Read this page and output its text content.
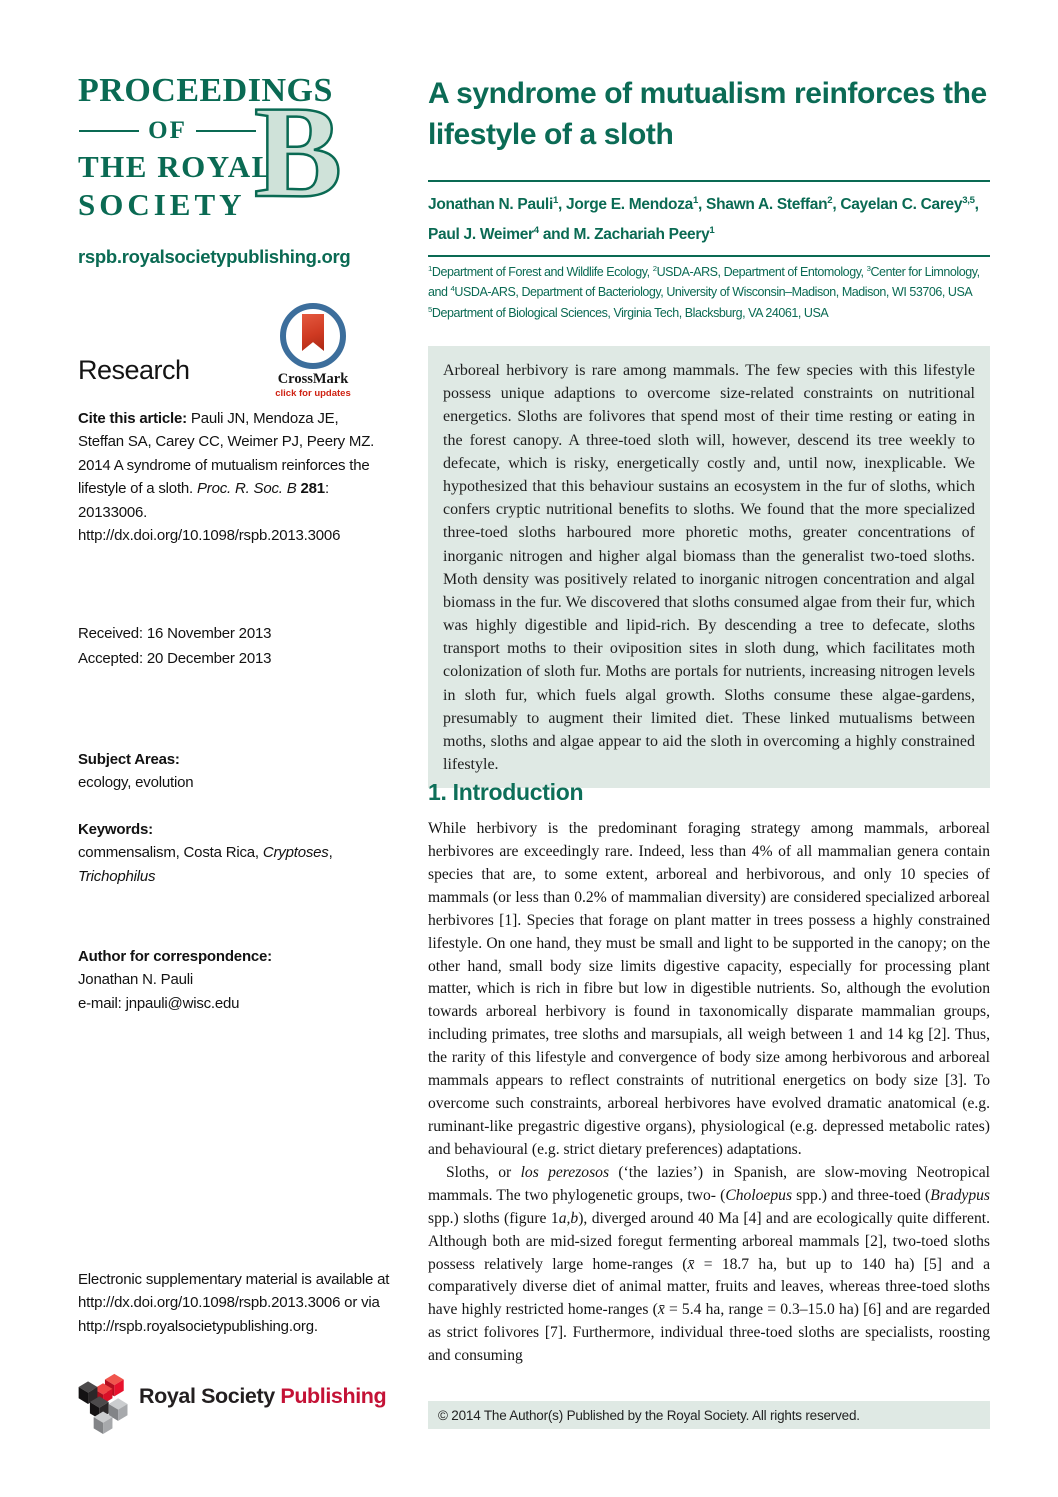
PROCEEDINGS
OF
THE ROYAL
SOCIETY B
rspb.royalsocietypublishing.org
Research	CrossMark
click for updates
Cite this article: Pauli JN, Mendoza JE, Steffan SA, Carey CC, Weimer PJ, Peery MZ. 2014 A syndrome of mutualism reinforces the lifestyle of a sloth. Proc. R. Soc. B 281: 20133006. http://dx.doi.org/10.1098/rspb.2013.3006
Received: 16 November 2013
Accepted: 20 December 2013
Subject Areas:
ecology, evolution
Keywords:
commensalism, Costa Rica, Cryptoses, Trichophilus
Author for correspondence:
Jonathan N. Pauli
e-mail: jnpauli@wisc.edu
Electronic supplementary material is available at http://dx.doi.org/10.1098/rspb.2013.3006 or via http://rspb.royalsocietypublishing.org.
Royal Society Publishing
A syndrome of mutualism reinforces the lifestyle of a sloth
Jonathan N. Pauli$^1$, Jorge E. Mendoza$^1$, Shawn A. Steffan$^2$, Cayelan C. Carey$^{3,5}$,
Paul J. Weimer$^4$ and M. Zachariah Peery$^1$
$^1$Department of Forest and Wildlife Ecology, $^2$USDA-ARS, Department of Entomology, $^3$Center for Limnology,
and $^4$USDA-ARS, Department of Bacteriology, University of Wisconsin–Madison, Madison, WI 53706, USA
$^5$Department of Biological Sciences, Virginia Tech, Blacksburg, VA 24061, USA
Arboreal herbivory is rare among mammals. The few species with this lifestyle possess unique adaptions to overcome size-related constraints on nutritional energetics. Sloths are folivores that spend most of their time resting or eating in the forest canopy. A three-toed sloth will, however, descend its tree weekly to defecate, which is risky, energetically costly and, until now, inexplicable. We hypothesized that this behaviour sustains an ecosystem in the fur of sloths, which confers cryptic nutritional benefits to sloths. We found that the more specialized three-toed sloths harboured more phoretic moths, greater concentrations of inorganic nitrogen and higher algal biomass than the generalist two-toed sloths. Moth density was positively related to inorganic nitrogen concentration and algal biomass in the fur. We discovered that sloths consumed algae from their fur, which was highly digestible and lipid-rich. By descending a tree to defecate, sloths transport moths to their oviposition sites in sloth dung, which facilitates moth colonization of sloth fur. Moths are portals for nutrients, increasing nitrogen levels in sloth fur, which fuels algal growth. Sloths consume these algae-gardens, presumably to augment their limited diet. These linked mutualisms between moths, sloths and algae appear to aid the sloth in overcoming a highly constrained lifestyle.
1. Introduction

While herbivory is the predominant foraging strategy among mammals, arboreal herbivores are exceedingly rare. Indeed, less than 4% of all mammalian genera contain species that are, to some extent, arboreal and herbivorous, and only 10 species of mammals (or less than 0.2% of mammalian diversity) are considered specialized arboreal herbivores [1]. Species that forage on plant matter in trees possess a highly constrained lifestyle. On one hand, they must be small and light to be supported in the canopy; on the other hand, small body size limits digestive capacity, especially for processing plant matter, which is rich in fibre but low in digestible nutrients. So, although the evolution towards arboreal herbivory is found in taxonomically disparate mammalian groups, including primates, tree sloths and marsupials, all weigh between 1 and 14 kg [2]. Thus, the rarity of this lifestyle and convergence of body size among herbivorous and arboreal mammals appears to reflect constraints of nutritional energetics on body size [3]. To overcome such constraints, arboreal herbivores have evolved dramatic anatomical (e.g. ruminant-like pregastric digestive organs), physiological (e.g. depressed metabolic rates) and behavioural (e.g. strict dietary preferences) adaptations.

Sloths, or los perezosos (‘the lazies’) in Spanish, are slow-moving Neotropical mammals. The two phylogenetic groups, two- (Choloepus spp.) and three-toed (Bradypus spp.) sloths (figure 1a,b), diverged around 40 Ma [4] and are ecologically quite different. Although both are mid-sized foregut fermenting arboreal mammals [2], two-toed sloths possess relatively large home-ranges (x̄ = 18.7 ha, but up to 140 ha) [5] and a comparatively diverse diet of animal matter, fruits and leaves, whereas three-toed sloths have highly restricted home-ranges (x̄ = 5.4 ha, range = 0.3–15.0 ha) [6] and are regarded as strict folivores [7]. Furthermore, individual three-toed sloths are specialists, roosting and consuming

© 2014 The Author(s) Published by the Royal Society. All rights reserved.
